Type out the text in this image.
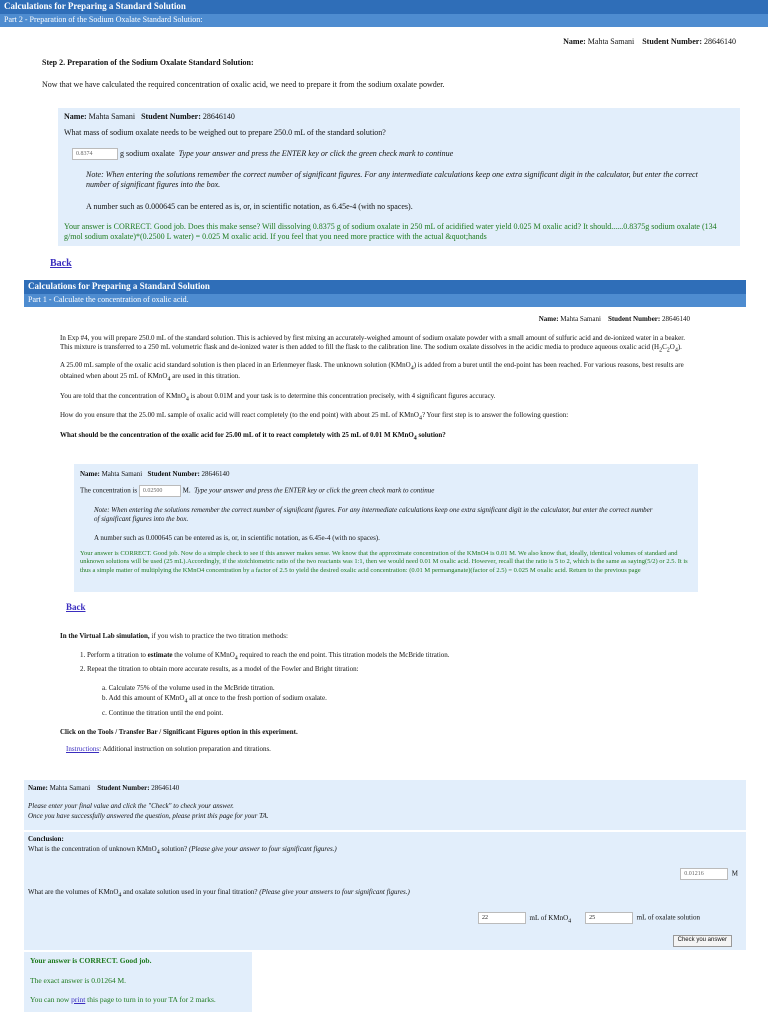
Calculations for Preparing a Standard Solution
Part 2 - Preparation of the Sodium Oxalate Standard Solution:
Name: Mahta Samani Student Number: 28646140
Step 2. Preparation of the Sodium Oxalate Standard Solution:
Now that we have calculated the required concentration of oxalic acid, we need to prepare it from the sodium oxalate powder.
Name: Mahta Samani Student Number: 28646140
What mass of sodium oxalate needs to be weighed out to prepare 250.0 mL of the standard solution?
0.8374	g sodium oxalate Type your answer and press the ENTER key or click the green check mark to continue
Note: When entering the solutions remember the correct number of significant figures. For any intermediate calculations keep one extra significant digit in the calculator, but enter the correct number of significant figures into the box.
A number such as 0.000645 can be entered as is, or, in scientific notation, as 6.45e-4 (with no spaces).
Your answer is CORRECT. Good job. Does this make sense? Will dissolving 0.8375 g of sodium oxalate in 250 mL of acidified water yield 0.025 M oxalic acid? It should......0.8375g sodium oxalate (134 g/mol sodium oxalate)*(0.2500 L water) = 0.025 M oxalic acid. If you feel that you need more practice with the actual &quot;hands
Back
Calculations for Preparing a Standard Solution
Part 1 - Calculate the concentration of oxalic acid.
Name: Mahta Samani Student Number: 28646140

In Exp #4, you will prepare 250.0 mL of the standard solution. This is achieved by first mixing an accurately-weighed amount of sodium oxalate powder with a small amount of sulfuric acid and de-ionized water in a beaker. This mixture is transferred to a 250 mL volumetric flask and de-ionized water is then added to fill the flask to the calibration line. The sodium oxalate dissolves in the acidic media to produce aqueous oxalic acid $(H_2C_2O_4)$.

A 25.00 mL sample of the oxalic acid standard solution is then placed in an Erlenmeyer flask. The unknown solution (KMnO$_4$) is added from a buret until the end-point has been reached. For various reasons, best results are obtained when about 25 mL of KMnO$_4$ are used in this titration.

You are told that the concentration of KMnO$_4$ is about 0.01M and your task is to determine this concentration precisely, with 4 significant figures accuracy.

How do you ensure that the 25.00 mL sample of oxalic acid will react completely (to the end point) with about 25 mL of KMnO$_4$? Your first step is to answer the following question:

What should be the concentration of the oxalic acid for 25.00 mL of it to react completely with 25 mL of 0.01 M KMnO$_4$ solution?

Name: Mahta Samani Student Number: 28646140
The concentration is 0.02500	M. Type your answer and press the ENTER key or click the green check mark to continue
Note: When entering the solutions remember the correct number of significant figures. For any intermediate calculations keep one extra significant digit in the calculator, but enter the correct number of significant figures into the box.
A number such as 0.000645 can be entered as is, or, in scientific notation, as 6.45e-4 (with no spaces).
Your answer is CORRECT. Good job. Now do a simple check to see if this answer makes sense. We know that the approximate concentration of the KMnO4 is 0.01 M. We also know that, ideally, identical volumes of standard and unknown solutions will be used (25 mL).Accordingly, if the stoichiometric ratio of the two reactants was 1:1, then we would need 0.01 M oxalic acid. However, recall that the ratio is 5 to 2, which is the same as saying(5/2) or 2.5. It is thus a simple matter of multiplying the KMnO4 concentration by a factor of 2.5 to yield the desired oxalic acid concentration: (0.01 M permanganate)(factor of 2.5) = 0.025 M oxalic acid. Return to the previous page
Back

In the Virtual Lab simulation, if you wish to practice the two titration methods:

1. Perform a titration to estimate the volume of KMnO$_4$ required to reach the end point. This titration models the McBride titration.

2. Repeat the titration to obtain more accurate results, as a model of the Fowler and Bright titration:

a. Calculate 75% of the volume used in the McBride titration.

b. Add this amount of KMnO$_4$ all at once to the fresh portion of sodium oxalate.

c. Continue the titration until the end point.

Click on the Tools / Transfer Bar / Significant Figures option in this experiment.

Instructions: Additional instruction on solution preparation and titrations.

Name: Mahta Samani Student Number: 28646140
Please enter your final value and click the "Check" to check your answer.
Once you have successfully answered the question, please print this page for your TA.
Conclusion:
What is the concentration of unknown KMnO$_4$ solution? (Please give your answer to four significant figures.)
0.01216	M
What are the volumes of KMnO$_4$ and oxalate solution used in your final titration? (Please give your answers to four significant figures.)
22	mL of KMnO$_4$	25	mL of oxalate solution
Check you answer
Your answer is CORRECT. Good job.
The exact answer is 0.01264 M.
You can now print this page to turn in to your TA for 2 marks.
